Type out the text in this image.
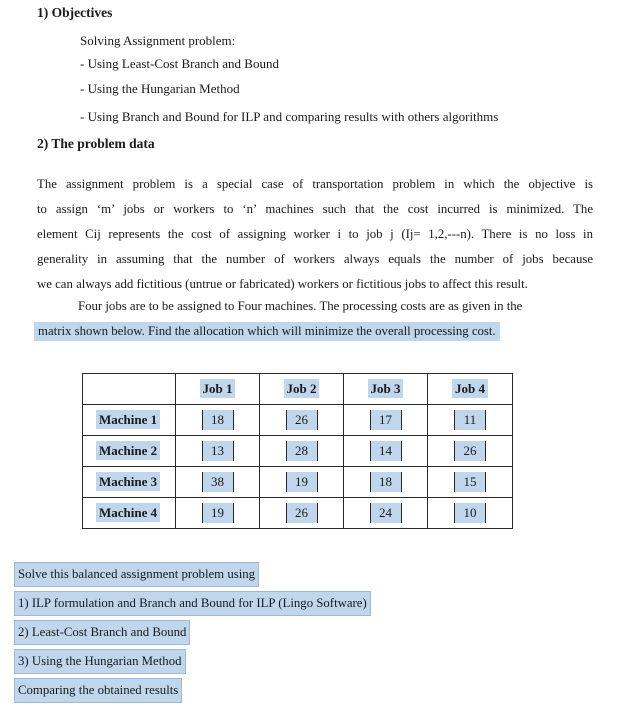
1) Objectives
Solving Assignment problem:
- Using Least-Cost Branch and Bound
- Using the Hungarian Method
- Using Branch and Bound for ILP and comparing results with others algorithms
2) The problem data
The assignment problem is a special case of transportation problem in which the objective is
to assign ‘m’ jobs or workers to ‘n’ machines such that the cost incurred is minimized. The
element Cij represents the cost of assigning worker i to job j (Ij= 1,2,---n). There is no loss in
generality in assuming that the number of workers always equals the number of jobs because
we can always add fictitious (untrue or fabricated) workers or fictitious jobs to affect this result.
Four jobs are to be assigned to Four machines. The processing costs are as given in the
matrix shown below. Find the allocation which will minimize the overall processing cost.
	Job 1	Job 2	Job 3	Job 4
Machine 1	18	26	17	11
Machine 2	13	28	14	26
Machine 3	38	19	18	15
Machine 4	19	26	24	10
Solve this balanced assignment problem using
1) ILP formulation and Branch and Bound for ILP (Lingo Software)
2) Least-Cost Branch and Bound
3) Using the Hungarian Method
Comparing the obtained results
